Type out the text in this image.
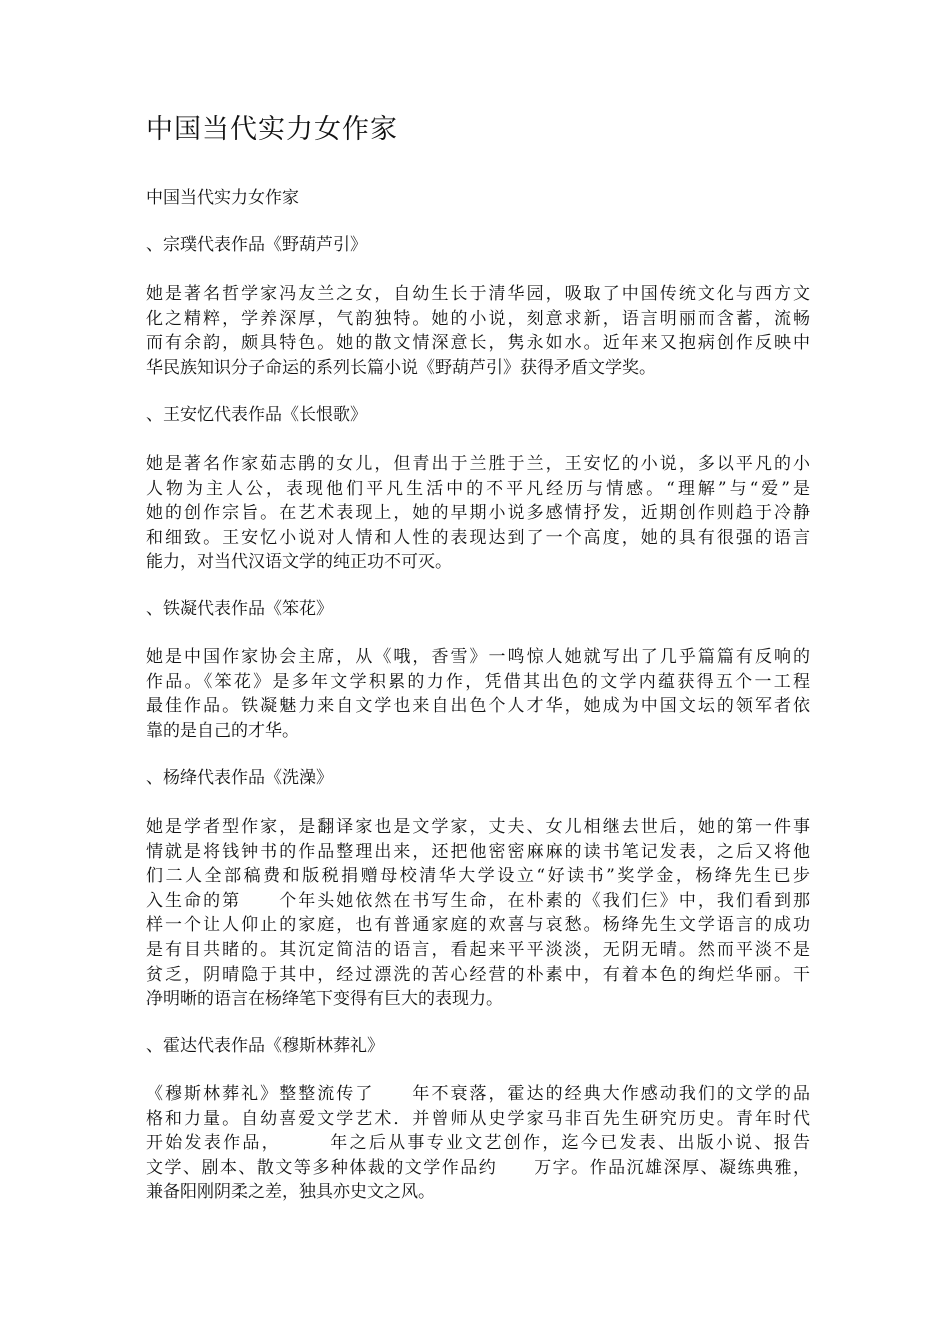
中国当代实力女作家

中国当代实力女作家

、宗璞代表作品《野葫芦引》

她是著名哲学家冯友兰之女，自幼生长于清华园，吸取了中国传统文化与西方文
化之精粹，学养深厚，气韵独特。她的小说，刻意求新，语言明丽而含蓄，流畅
而有余韵，颇具特色。她的散文情深意长，隽永如水。近年来又抱病创作反映中
华民族知识分子命运的系列长篇小说《野葫芦引》获得矛盾文学奖。

、王安忆代表作品《长恨歌》

她是著名作家茹志鹃的女儿，但青出于兰胜于兰，王安忆的小说，多以平凡的小
人物为主人公，表现他们平凡生活中的不平凡经历与情感。“理解”与“爱”是
她的创作宗旨。在艺术表现上，她的早期小说多感情抒发，近期创作则趋于冷静
和细致。王安忆小说对人情和人性的表现达到了一个高度，她的具有很强的语言
能力，对当代汉语文学的纯正功不可灭。

、铁凝代表作品《笨花》

她是中国作家协会主席，从《哦，香雪》一鸣惊人她就写出了几乎篇篇有反响的
作品。《笨花》是多年文学积累的力作，凭借其出色的文学内蕴获得五个一工程
最佳作品。铁凝魅力来自文学也来自出色个人才华，她成为中国文坛的领军者依
靠的是自己的才华。

、杨绛代表作品《洗澡》

她是学者型作家，是翻译家也是文学家，丈夫、女儿相继去世后，她的第一件事
情就是将钱钟书的作品整理出来，还把他密密麻麻的读书笔记发表，之后又将他
们二人全部稿费和版税捐赠母校清华大学设立“好读书”奖学金，杨绛先生已步
入生命的第　　个年头她依然在书写生命，在朴素的《我们仨》中，我们看到那
样一个让人仰止的家庭，也有普通家庭的欢喜与哀愁。杨绛先生文学语言的成功
是有目共睹的。其沉定简洁的语言，看起来平平淡淡，无阴无晴。然而平淡不是
贫乏，阴晴隐于其中，经过漂洗的苦心经营的朴素中，有着本色的绚烂华丽。干
净明晰的语言在杨绛笔下变得有巨大的表现力。

、霍达代表作品《穆斯林葬礼》

《穆斯林葬礼》整整流传了　　年不衰落，霍达的经典大作感动我们的文学的品
格和力量。自幼喜爱文学艺术．并曾师从史学家马非百先生研究历史。青年时代
开始发表作品，　　　年之后从事专业文艺创作，迄今已发表、出版小说、报告
文学、剧本、散文等多种体裁的文学作品约　　万字。作品沉雄深厚、凝练典雅，
兼备阳刚阴柔之差，独具亦史文之风。
